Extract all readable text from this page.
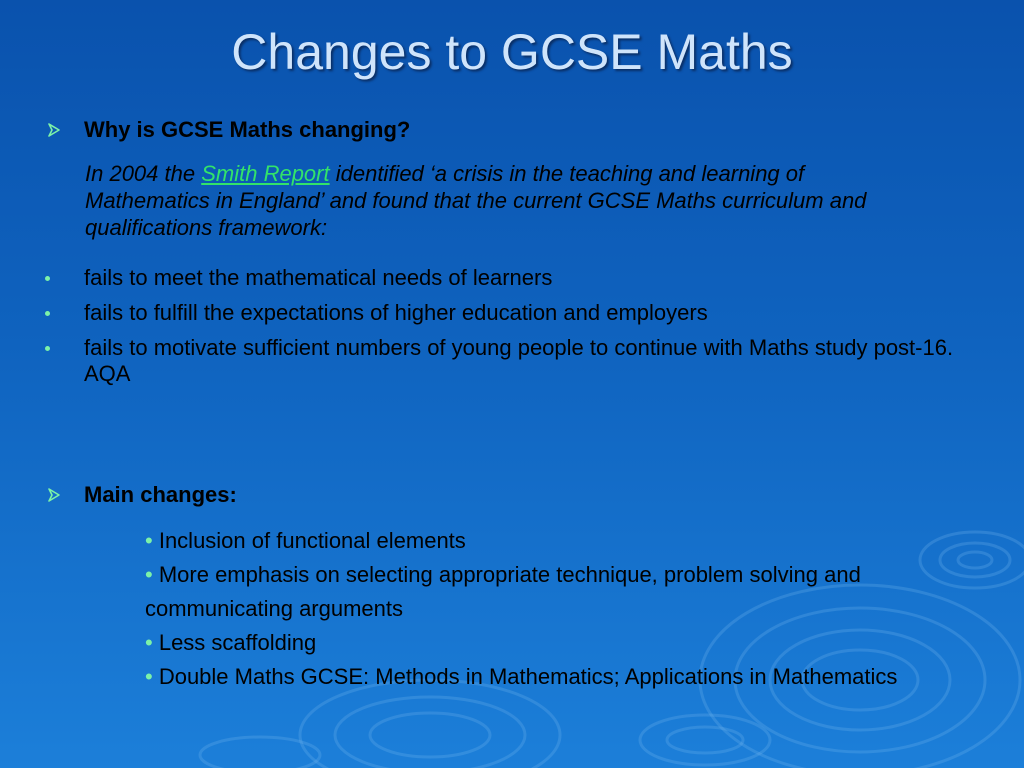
Changes to GCSE Maths
Why is GCSE Maths changing?
In 2004 the Smith Report identified ‘a crisis in the teaching and learning of Mathematics in England’ and found that the current GCSE Maths curriculum and qualifications framework:
fails to meet the mathematical needs of learners
fails to fulfill the expectations of higher education and employers
fails to motivate sufficient numbers of young people to continue with Maths study post-16. AQA
Main changes:
• Inclusion of functional elements
• More emphasis on selecting appropriate technique, problem solving and communicating arguments
• Less scaffolding
• Double Maths GCSE: Methods in Mathematics; Applications in Mathematics
